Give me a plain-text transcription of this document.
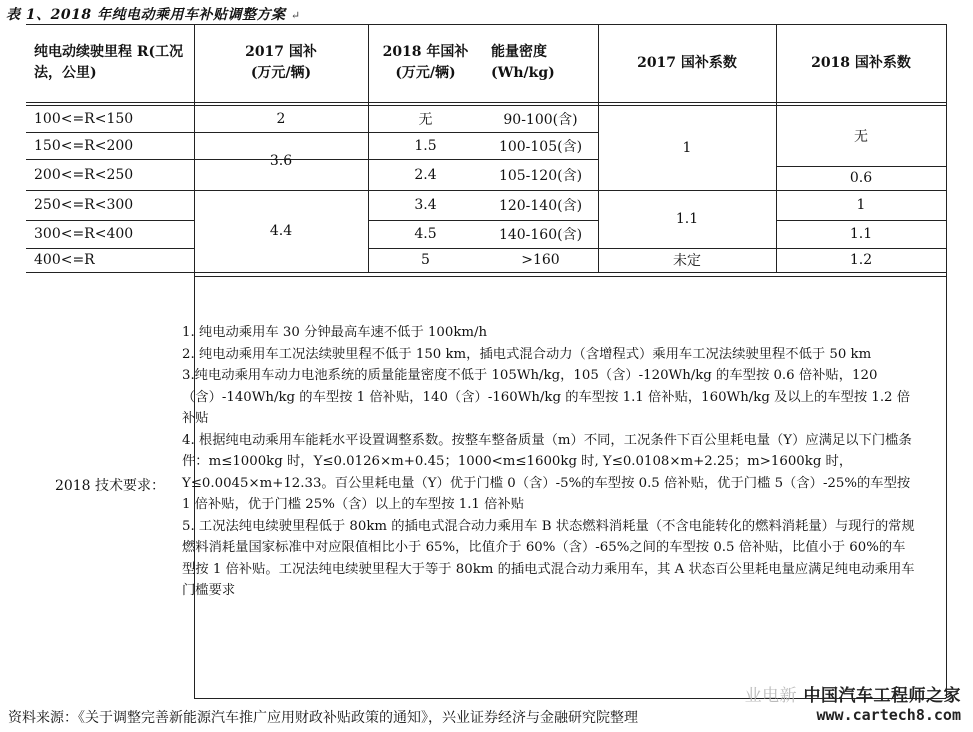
表 1、2018 年纯电动乘用车补贴调整方案 ↵
纯电动续驶里程 R(工况法，公里)
2017 国补 (万元/辆)
2018 年国补 (万元/辆)
能量密度 (Wh/kg)
2017 国补系数	2018 国补系数
100<=R<150
150<=R<200
200<=R<250
250<=R<300
300<=R<400
400<=R
2
3.6
4.4
无
1.5
2.4
3.4
4.5
5
90-100(含)
100-105(含)
105-120(含)
120-140(含)
140-160(含)
>160
1
1.1
未定
无
0.6
1
1.1
1.2
2018 技术要求：

1. 纯电动乘用车 30 分钟最高车速不低于 100km/h

2. 纯电动乘用车工况法续驶里程不低于 150 km，插电式混合动力（含增程式）乘用车工况法续驶里程不低于 50 km

3.纯电动乘用车动力电池系统的质量能量密度不低于 105Wh/kg，105（含）-120Wh/kg 的车型按 0.6 倍补贴，120（含）-140Wh/kg 的车型按 1 倍补贴，140（含）-160Wh/kg 的车型按 1.1 倍补贴，160Wh/kg 及以上的车型按 1.2 倍补贴

4. 根据纯电动乘用车能耗水平设置调整系数。按整车整备质量（m）不同，工况条件下百公里耗电量（Y）应满足以下门槛条件：m≤1000kg 时，Y≤0.0126×m+0.45；1000<m≤1600kg 时, Y≤0.0108×m+2.25；m>1600kg 时，Y≤0.0045×m+12.33。百公里耗电量（Y）优于门槛 0（含）-5%的车型按 0.5 倍补贴，优于门槛 5（含）-25%的车型按 1 倍补贴，优于门槛 25%（含）以上的车型按 1.1 倍补贴

5. 工况法纯电续驶里程低于 80km 的插电式混合动力乘用车 B 状态燃料消耗量（不含电能转化的燃料消耗量）与现行的常规燃料消耗量国家标准中对应限值相比小于 65%，比值介于 60%（含）-65%之间的车型按 0.5 倍补贴，比值小于 60%的车型按 1 倍补贴。工况法纯电续驶里程大于等于 80km 的插电式混合动力乘用车，其 A 状态百公里耗电量应满足纯电动乘用车门槛要求

资料来源：《关于调整完善新能源汽车推广应用财政补贴政策的通知》，兴业证券经济与金融研究院整理
业电新 中国汽车工程师之家
www.cartech8.com
